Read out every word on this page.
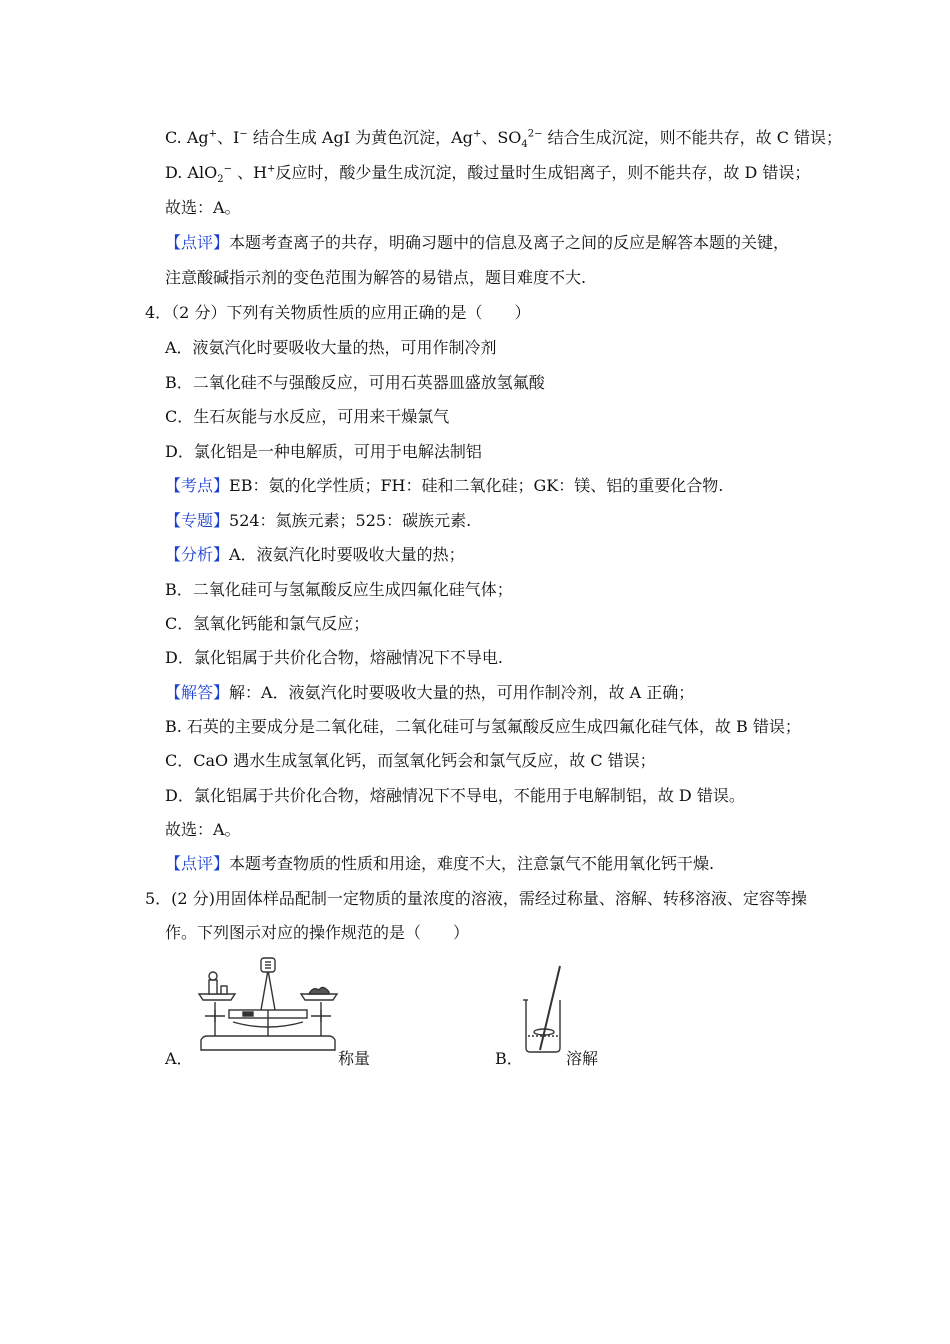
C. Ag+、I− 结合生成 AgI 为黄色沉淀，Ag+、$SO_4^{2-}$ 结合生成沉淀，则不能共存，故 C 错误；
D. AlO$_2$− 、H+反应时，酸少量生成沉淀，酸过量时生成铝离子，则不能共存，故 D 错误；
故选：A。
【点评】本题考查离子的共存，明确习题中的信息及离子之间的反应是解答本题的关键，
注意酸碱指示剂的变色范围为解答的易错点，题目难度不大.
4．（2 分）下列有关物质性质的应用正确的是（　　）
A．液氨汽化时要吸收大量的热，可用作制冷剂
B．二氧化硅不与强酸反应，可用石英器皿盛放氢氟酸
C．生石灰能与水反应，可用来干燥氯气
D．氯化铝是一种电解质，可用于电解法制铝
【考点】EB：氨的化学性质；FH：硅和二氧化硅；GK：镁、铝的重要化合物.
【专题】524：氮族元素；525：碳族元素.
【分析】A．液氨汽化时要吸收大量的热；
B．二氧化硅可与氢氟酸反应生成四氟化硅气体；
C．氢氧化钙能和氯气反应；
D．氯化铝属于共价化合物，熔融情况下不导电.
【解答】解：A．液氨汽化时要吸收大量的热，可用作制冷剂，故 A 正确；
B. 石英的主要成分是二氧化硅，二氧化硅可与氢氟酸反应生成四氟化硅气体，故 B 错误；
C．CaO 遇水生成氢氧化钙，而氢氧化钙会和氯气反应，故 C 错误；
D．氯化铝属于共价化合物，熔融情况下不导电，不能用于电解制铝，故 D 错误。
故选：A。
【点评】本题考查物质的性质和用途，难度不大，注意氯气不能用氧化钙干燥.
5．(2 分)用固体样品配制一定物质的量浓度的溶液，需经过称量、溶解、转移溶液、定容等操
作。下列图示对应的操作规范的是（　　）
A．	称量	B．	溶解
